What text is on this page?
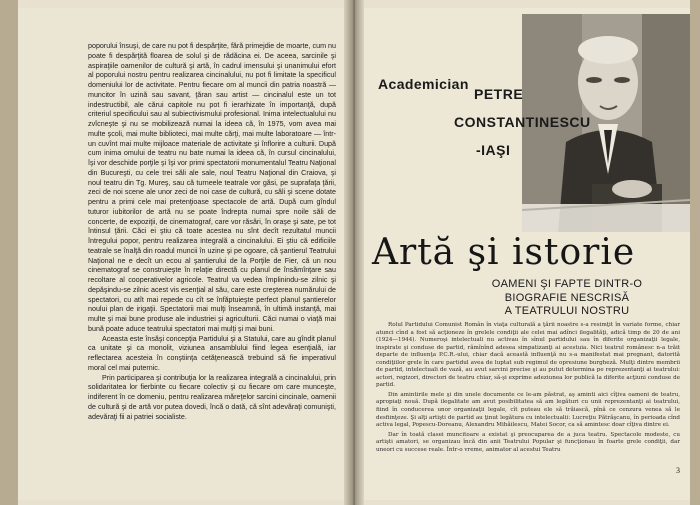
poporului însuşi, de care nu pot fi despărţite, fără primejdie de moarte, cum nu poate fi despărţită floarea de solul şi de rădăcina ei. De aceea, sarcinile şi aspiraţiile oamenilor de cultură şi artă, în cadrul imensului şi unanimului efort al poporului nostru pentru realizarea cincinalului, nu pot fi limitate la specificul domeniului lor de activitate. Pentru fiecare om al muncii din patria noastră — muncitor în uzină sau savant, ţăran sau artist — cincinalul este un tot indestructibil, ale cărui capitole nu pot fi ierarhizate în importanţă, după criteriul specificului sau al subiectivismului profesional. Inima intelectualului nu zvîcneşte şi nu se mobilizează numai la ideea că, în 1975, vom avea mai multe şcoli, mai multe biblioteci, mai multe cărţi, mai multe laboratoare — într-un cuvînt mai multe mijloace materiale de activitate şi înflorire a culturii. După cum inima omului de teatru nu bate numai la ideea că, în cursul cincinalului, îşi vor deschide porţile şi îşi vor primi spectatorii monumentalul Teatru Naţional din Bucureşti, cu cele trei săli ale sale, noul Teatru Naţional din Craiova, şi noul teatru din Tg. Mureş, sau că turneele teatrale vor găsi, pe suprafaţa ţării, zeci de noi scene ale unor zeci de noi case de cultură, cu săli şi scene dotate pentru a primi cele mai pretenţioase spectacole de artă. După cum gîndul tuturor iubitorilor de artă nu se poate îndrepta numai spre noile săli de concerte, de expoziţii, de cinematograf, care vor răsări, în oraşe şi sate, pe tot întinsul ţării. Căci ei ştiu că toate acestea nu sînt decît rezultatul muncii întregului popor, pentru realizarea integrală a cincinalului. Ei ştiu că edificiile teatrale se înalţă din roadul muncii în uzine şi pe ogoare, că şantierul Teatrului Naţional ne e decît un ecou al şantierului de la Porţile de Fier, că un nou cinematograf se construieşte în relaţie directă cu planul de însămînţare sau recoltare al cooperativelor agricole. Teatrul va vedea împlinindu-se zilnic şi depăşindu-se zilnic acest vis esenţial al său, care este creşterea numărului de spectatori, cu atît mai repede cu cît se înfăptuieşte perfect planul şantierelor noului plan de irigaţii. Spectatorii mai mulţi înseamnă, în ultimă instanţă, mai multe şi mai bune produse ale industriei şi agriculturii. Căci numai o viaţă mai bună poate aduce teatrului spectatori mai mulţi şi mai buni.

Aceasta este însăşi concepţia Partidului şi a Statului, care au gîndit planul ca unitate şi ca monolit, viziunea ansamblului fiind legea esenţială, iar reflectarea acesteia în conştiinţa cetăţenească trebuind să fie imperativul moral cel mai puternic.

Prin participarea şi contribuţia lor la realizarea integrală a cincinalului, prin solidaritatea lor fierbinte cu fiecare colectiv şi cu fiecare om care munceşte, indiferent în ce domeniu, pentru realizarea măreţelor sarcini cincinale, oamenii de cultură şi de artă vor putea dovedi, încă o dată, că sînt adevăraţi comunişti, adevăraţi fii ai patriei socialiste.

Academician
PETRE
CONSTANTINESCU
-IAŞI
Artă şi istorie
OAMENI ŞI FAPTE DINTR-O
BIOGRAFIE NESCRISĂ
A TEATRULUI NOSTRU

Rolul Partidului Comunist Român în viaţa culturală a ţării noastre s-a resimţit în variate forme, chiar atunci cînd a fost să acţioneze în grelele condiţii ale celei mai adînci ilegalităţi, adică timp de 20 de ani (1924—1944). Numeroşi intelectuali nu activau în sînul partidului sau în diferite organizaţii legale, inspirate şi conduse de partid, rămînînd adesea simpatizanţi ai acestuia. Nici teatrul românesc n-a trăit departe de influenţa P.C.R.-ului, chiar dacă această influenţă nu s-a manifestat mai pregnant, datorită condiţiilor grele în care partidul avea de luptat sub regimul de opresiune burgheză. Mulţi dintre membrii de partid, intelectuali de vază, au avut sarcini precise şi au putut determina pe reprezentanţi ai teatrului: actori, regizori, directori de teatru chiar, să-şi exprime adeziunea lor publică la diferite acţiuni conduse de partid.

Din amintirile mele şi din unele documente ce le-am păstrat, aş aminti aici cîţiva oameni de teatru, apropiaţi nouă. După ilegalitate am avut posibilitatea să am legături cu unii reprezentanţi ai teatrului, fiind în conducerea unor organizaţii legale, cît puteau ele să trăiască, pînă ce cenzura venea să le desfiinţeze. Şi alţi artişti de partid au ţinut legătura cu intelectualii: Lucreţiu Pătrăşcanu, în perioada cînd activa legal, Popescu-Doreanu, Alexandru Mihăilescu, Matei Socor, ca să amintesc doar cîţiva dintre ei.

Dar în toată clasei muncitoare a existat şi preocuparea de a juca teatru. Spectacole modeste, cu artişti amatori, se organizau încă din anii Teatrului Popular şi funcţionau în foarte grele condiţii, dar uneori cu succese reale. Într-o vreme, animator al acestui Teatru

3
